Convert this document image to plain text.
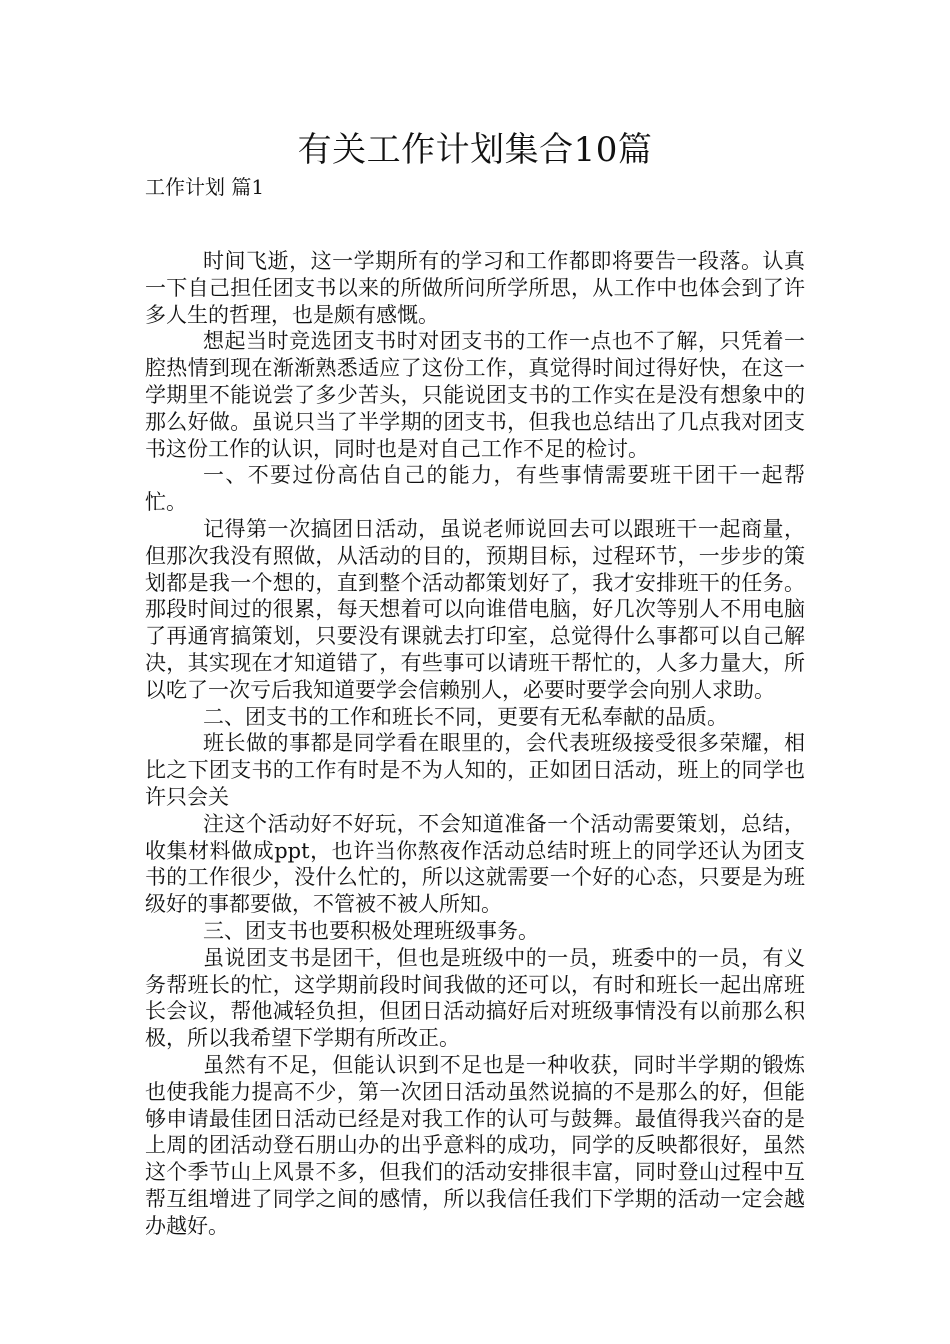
有关工作计划集合10篇
工作计划 篇1

时间飞逝，这一学期所有的学习和工作都即将要告一段落。认真一下自己担任团支书以来的所做所问所学所思，从工作中也体会到了许多人生的哲理，也是颇有感慨。

想起当时竞选团支书时对团支书的工作一点也不了解，只凭着一腔热情到现在渐渐熟悉适应了这份工作，真觉得时间过得好快，在这一学期里不能说尝了多少苦头，只能说团支书的工作实在是没有想象中的那么好做。虽说只当了半学期的团支书，但我也总结出了几点我对团支书这份工作的认识，同时也是对自己工作不足的检讨。

一、不要过份高估自己的能力，有些事情需要班干团干一起帮忙。

记得第一次搞团日活动，虽说老师说回去可以跟班干一起商量，但那次我没有照做，从活动的目的，预期目标，过程环节，一步步的策划都是我一个想的，直到整个活动都策划好了，我才安排班干的任务。那段时间过的很累，每天想着可以向谁借电脑，好几次等别人不用电脑了再通宵搞策划，只要没有课就去打印室，总觉得什么事都可以自己解决，其实现在才知道错了，有些事可以请班干帮忙的，人多力量大，所以吃了一次亏后我知道要学会信赖别人，必要时要学会向别人求助。

二、团支书的工作和班长不同，更要有无私奉献的品质。

班长做的事都是同学看在眼里的，会代表班级接受很多荣耀，相比之下团支书的工作有时是不为人知的，正如团日活动，班上的同学也许只会关

注这个活动好不好玩，不会知道准备一个活动需要策划，总结，收集材料做成ppt，也许当你熬夜作活动总结时班上的同学还认为团支书的工作很少，没什么忙的，所以这就需要一个好的心态，只要是为班级好的事都要做，不管被不被人所知。

三、团支书也要积极处理班级事务。

虽说团支书是团干，但也是班级中的一员，班委中的一员，有义务帮班长的忙，这学期前段时间我做的还可以，有时和班长一起出席班长会议，帮他减轻负担，但团日活动搞好后对班级事情没有以前那么积极，所以我希望下学期有所改正。

虽然有不足，但能认识到不足也是一种收获，同时半学期的锻炼也使我能力提高不少，第一次团日活动虽然说搞的不是那么的好，但能够申请最佳团日活动已经是对我工作的认可与鼓舞。最值得我兴奋的是上周的团活动登石朋山办的出乎意料的成功，同学的反映都很好，虽然这个季节山上风景不多，但我们的活动安排很丰富，同时登山过程中互帮互组增进了同学之间的感情，所以我信任我们下学期的活动一定会越办越好。
